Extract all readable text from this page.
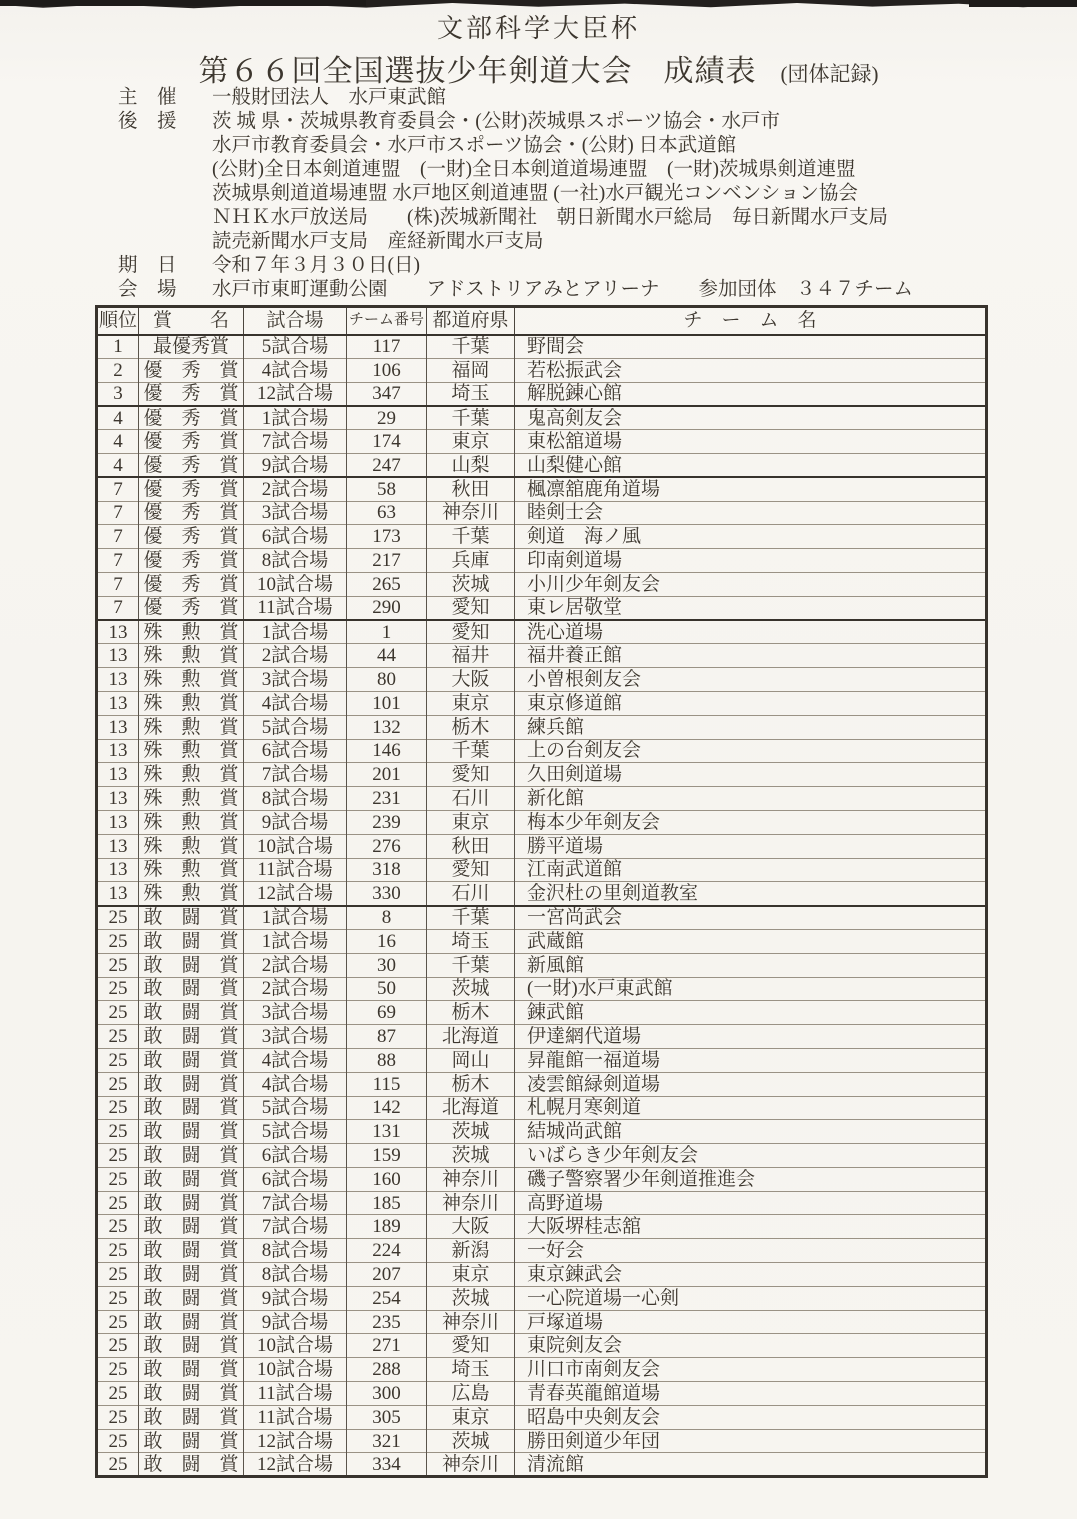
文部科学大臣杯
第６６回全国選抜少年剣道大会　成績表 (団体記録)
主　催	一般財団法人　水戸東武館
後　援	茨 城 県・茨城県教育委員会・(公財)茨城県スポーツ協会・水戸市
水戸市教育委員会・水戸市スポーツ協会・(公財) 日本武道館
(公財)全日本剣道連盟　(一財)全日本剣道道場連盟　(一財)茨城県剣道連盟
茨城県剣道道場連盟 水戸地区剣道連盟 (一社)水戸観光コンベンション協会
ＮＨＫ水戸放送局　　(株)茨城新聞社　朝日新聞水戸総局　毎日新聞水戸支局
読売新聞水戸支局　産経新聞水戸支局
期　日	令和７年３月３０日(日)
会　場	水戸市東町運動公園　　アドストリアみとアリーナ　　参加団体　３４７チーム
順位	賞　　名	試合場	チーム番号	都道府県	チ　ー　ム　名
1	最優秀賞	5試合場	117	千葉	野間会
2	優　秀　賞	4試合場	106	福岡	若松振武会
3	優　秀　賞	12試合場	347	埼玉	解脱錬心館
4	優　秀　賞	1試合場	29	千葉	鬼高剣友会
4	優　秀　賞	7試合場	174	東京	東松舘道場
4	優　秀　賞	9試合場	247	山梨	山梨健心館
7	優　秀　賞	2試合場	58	秋田	楓凛舘鹿角道場
7	優　秀　賞	3試合場	63	神奈川	睦剣士会
7	優　秀　賞	6試合場	173	千葉	剣道　海ノ風
7	優　秀　賞	8試合場	217	兵庫	印南剣道場
7	優　秀　賞	10試合場	265	茨城	小川少年剣友会
7	優　秀　賞	11試合場	290	愛知	東レ居敬堂
13	殊　勲　賞	1試合場	1	愛知	洗心道場
13	殊　勲　賞	2試合場	44	福井	福井養正館
13	殊　勲　賞	3試合場	80	大阪	小曽根剣友会
13	殊　勲　賞	4試合場	101	東京	東京修道館
13	殊　勲　賞	5試合場	132	栃木	練兵館
13	殊　勲　賞	6試合場	146	千葉	上の台剣友会
13	殊　勲　賞	7試合場	201	愛知	久田剣道場
13	殊　勲　賞	8試合場	231	石川	新化館
13	殊　勲　賞	9試合場	239	東京	梅本少年剣友会
13	殊　勲　賞	10試合場	276	秋田	勝平道場
13	殊　勲　賞	11試合場	318	愛知	江南武道館
13	殊　勲　賞	12試合場	330	石川	金沢杜の里剣道教室
25	敢　闘　賞	1試合場	8	千葉	一宮尚武会
25	敢　闘　賞	1試合場	16	埼玉	武蔵館
25	敢　闘　賞	2試合場	30	千葉	新風館
25	敢　闘　賞	2試合場	50	茨城	(一財)水戸東武館
25	敢　闘　賞	3試合場	69	栃木	錬武館
25	敢　闘　賞	3試合場	87	北海道	伊達網代道場
25	敢　闘　賞	4試合場	88	岡山	昇龍館一福道場
25	敢　闘　賞	4試合場	115	栃木	凌雲館緑剣道場
25	敢　闘　賞	5試合場	142	北海道	札幌月寒剣道
25	敢　闘　賞	5試合場	131	茨城	結城尚武館
25	敢　闘　賞	6試合場	159	茨城	いばらき少年剣友会
25	敢　闘　賞	6試合場	160	神奈川	磯子警察署少年剣道推進会
25	敢　闘　賞	7試合場	185	神奈川	高野道場
25	敢　闘　賞	7試合場	189	大阪	大阪堺桂志舘
25	敢　闘　賞	8試合場	224	新潟	一好会
25	敢　闘　賞	8試合場	207	東京	東京錬武会
25	敢　闘　賞	9試合場	254	茨城	一心院道場一心剣
25	敢　闘　賞	9試合場	235	神奈川	戸塚道場
25	敢　闘　賞	10試合場	271	愛知	東院剣友会
25	敢　闘　賞	10試合場	288	埼玉	川口市南剣友会
25	敢　闘　賞	11試合場	300	広島	青春英龍館道場
25	敢　闘　賞	11試合場	305	東京	昭島中央剣友会
25	敢　闘　賞	12試合場	321	茨城	勝田剣道少年団
25	敢　闘　賞	12試合場	334	神奈川	清流館
